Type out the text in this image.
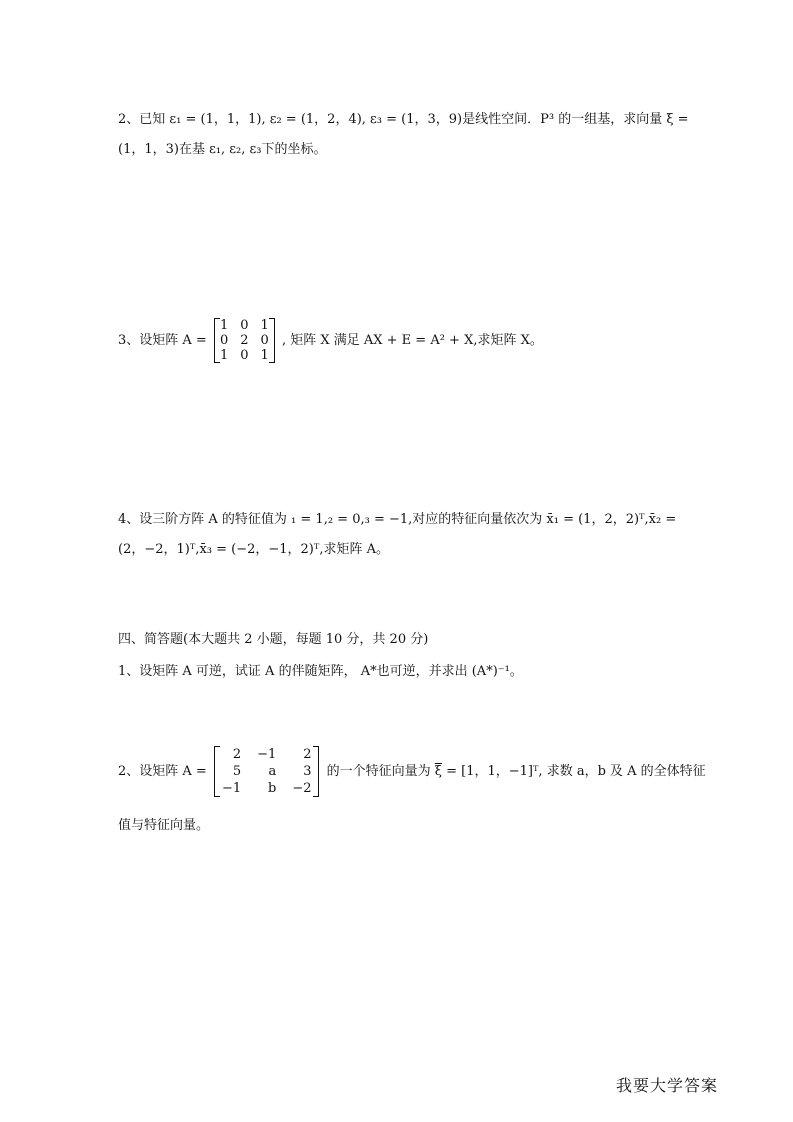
2、已知 ε₁ = (1，1，1), ε₂ = (1，2，4), ε₃ = (1，3，9)是线性空间．P³ 的一组基，求向量 ξ =
(1，1，3)在基 ε₁, ε₂, ε₃下的坐标。
3、设矩阵 A =
1	0	1
0	2	0
1	0	1
, 矩阵 X 满足 AX + E = A² + X,求矩阵 X。
4、设三阶方阵 A 的特征值为 ₁ = 1,₂ = 0,₃ = −1,对应的特征向量依次为 x̄₁ = (1，2，2)ᵀ,x̄₂ =
(2，−2，1)ᵀ,x̄₃ = (−2，−1，2)ᵀ,求矩阵 A。
四、简答题(本大题共 2 小题，每题 10 分，共 20 分)
1、设矩阵 A 可逆，试证 A 的伴随矩阵， A*也可逆，并求出 (A*)⁻¹。
2、设矩阵 A =
2	−1	2
5	a	3
−1	b	−2
的一个特征向量为 $\overline{\xi} = [1$，1，−1]ᵀ, 求数 a，b 及 A 的全体特征
值与特征向量。
我要大学答案
